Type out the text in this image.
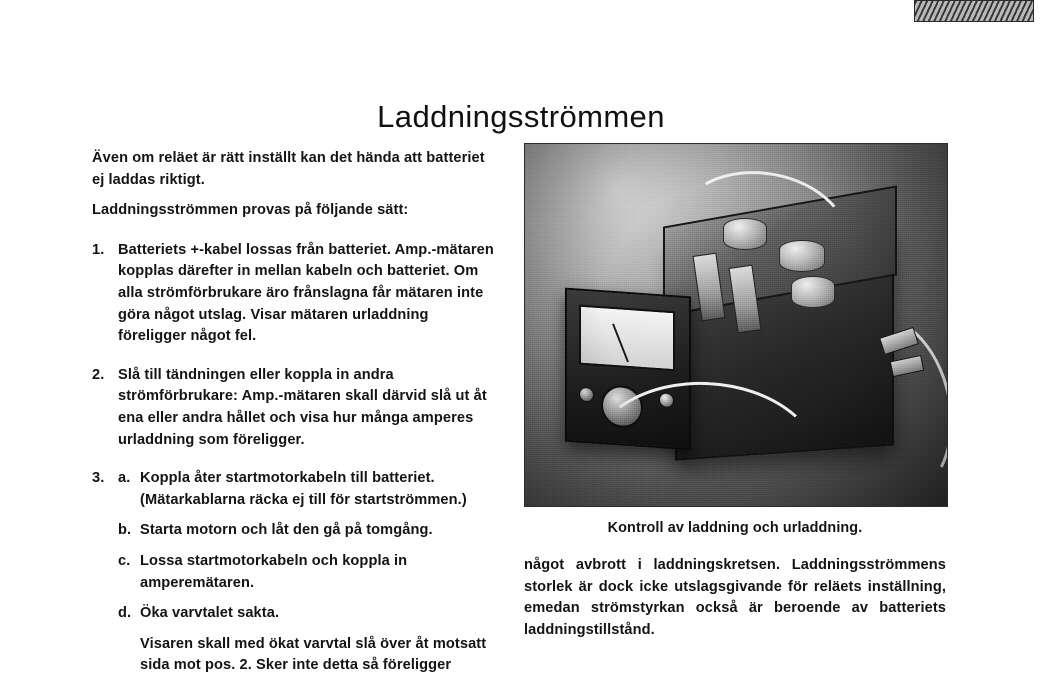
Laddningsströmmen

Även om reläet är rätt inställt kan det hända att batteriet ej laddas riktigt.

Laddningsströmmen provas på följande sätt:

1. Batteriets +-kabel lossas från batteriet. Amp.-mätaren kopplas därefter in mellan kabeln och batteriet. Om alla strömförbrukare äro frånslagna får mätaren inte göra något utslag. Visar mätaren urladdning föreligger något fel.

2. Slå till tändningen eller koppla in andra strömförbrukare: Amp.-mätaren skall därvid slå ut åt ena eller andra hållet och visa hur många amperes urladdning som föreligger.

3. a. Koppla åter startmotorkabeln till batteriet. (Mätarkablarna räcka ej till för startströmmen.)

b. Starta motorn och låt den gå på tomgång.

c. Lossa startmotorkabeln och koppla in amperemätaren.

d. Öka varvtalet sakta.

Visaren skall med ökat varvtal slå över åt motsatt sida mot pos. 2. Sker inte detta så föreligger

Kontroll av laddning och urladdning.

något avbrott i laddningskretsen. Laddningsströmmens storlek är dock icke utslagsgivande för reläets inställning, emedan strömstyrkan också är beroende av batteriets laddningstillstånd.
